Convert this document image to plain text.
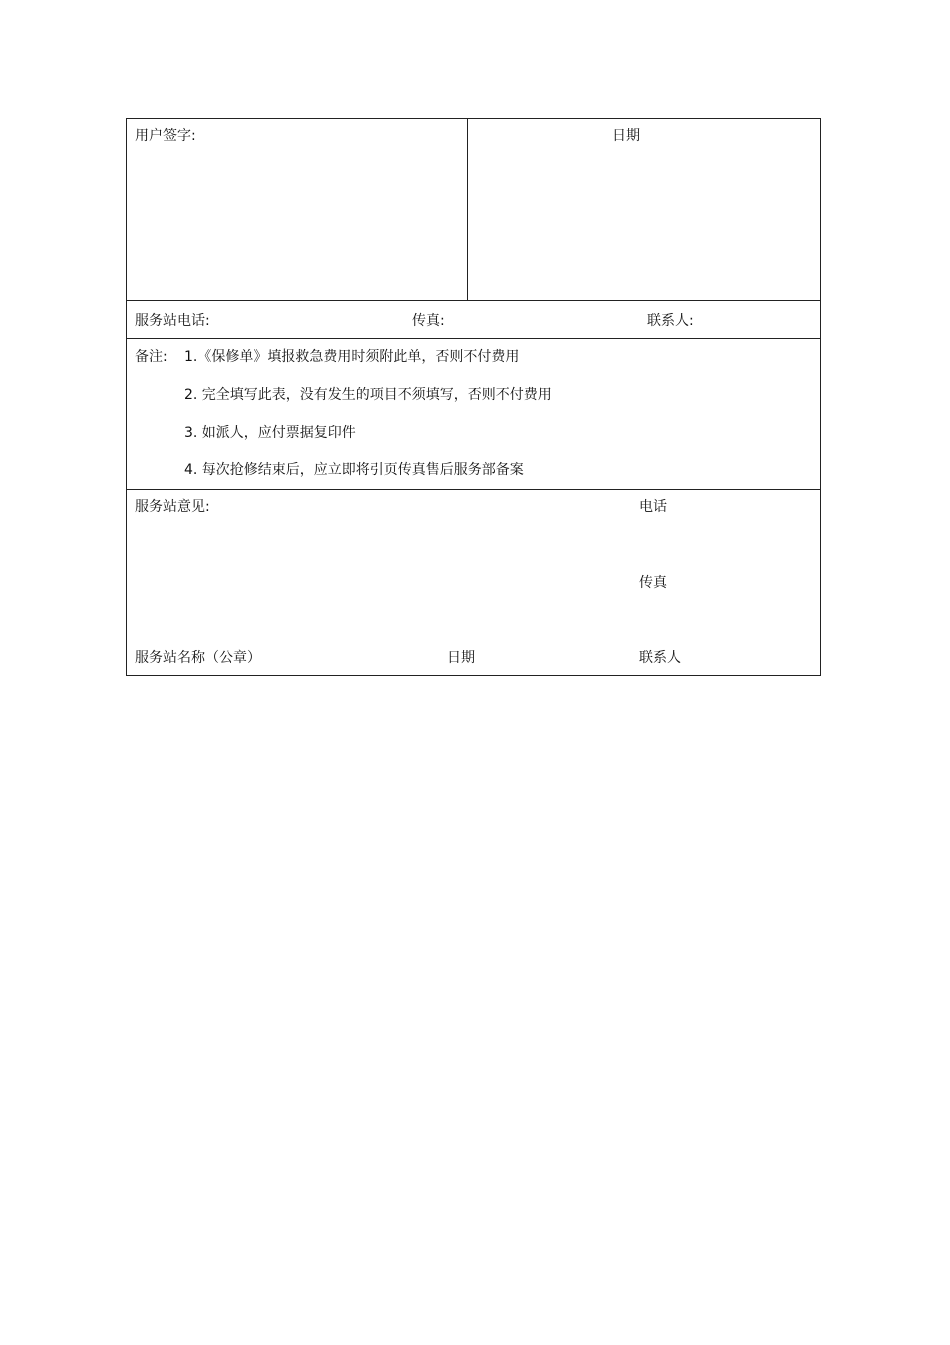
用户签字:	日期
服务站电话:	传真:	联系人:
备注: 1.《保修单》填报救急费用时须附此单，否则不付费用
2. 完全填写此表，没有发生的项目不须填写，否则不付费用
3. 如派人，应付票据复印件
4. 每次抢修结束后，应立即将引页传真售后服务部备案
服务站意见:	电话
传真
服务站名称（公章）	日期	联系人
